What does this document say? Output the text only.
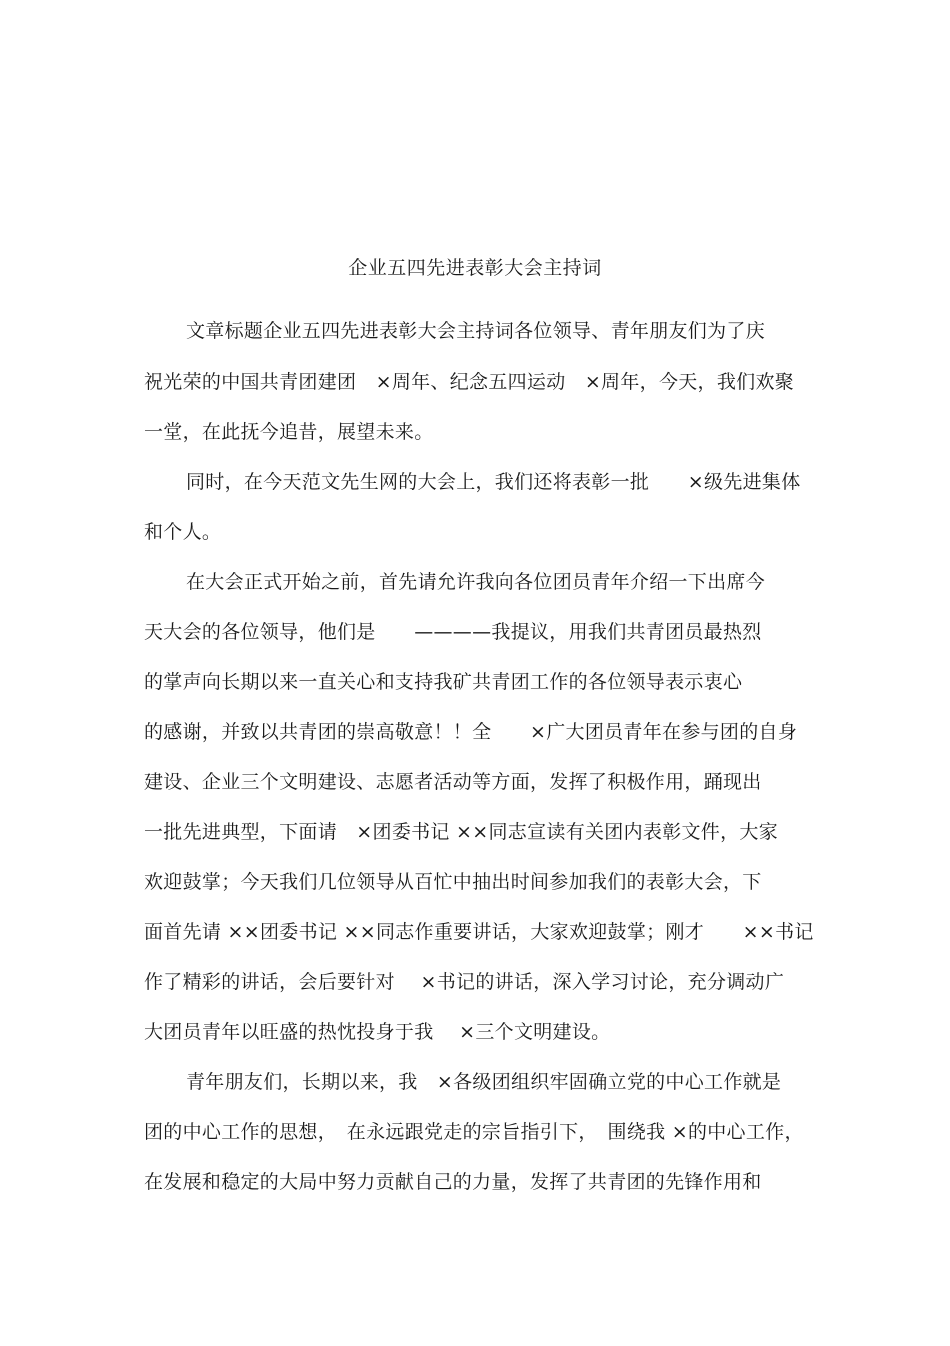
企业五四先进表彰大会主持词
文章标题企业五四先进表彰大会主持词各位领导、青年朋友们为了庆
祝光荣的中国共青团建团　×周年、纪念五四运动　×周年，今天，我们欢聚
一堂，在此抚今追昔，展望未来。
同时，在今天范文先生网的大会上，我们还将表彰一批　　×级先进集体
和个人。
在大会正式开始之前，首先请允许我向各位团员青年介绍一下出席今
天大会的各位领导，他们是　　————我提议，用我们共青团员最热烈
的掌声向长期以来一直关心和支持我矿共青团工作的各位领导表示衷心
的感谢，并致以共青团的崇高敬意！！全　　×广大团员青年在参与团的自身
建设、企业三个文明建设、志愿者活动等方面，发挥了积极作用，踊现出
一批先进典型，下面请　×团委书记 ××同志宣读有关团内表彰文件，大家
欢迎鼓掌；今天我们几位领导从百忙中抽出时间参加我们的表彰大会，下
面首先请 ××团委书记 ××同志作重要讲话，大家欢迎鼓掌；刚才　　××书记
作了精彩的讲话，会后要针对　 ×书记的讲话，深入学习讨论，充分调动广
大团员青年以旺盛的热忱投身于我　 ×三个文明建设。
青年朋友们，长期以来，我　×各级团组织牢固确立党的中心工作就是
团的中心工作的思想，　在永远跟党走的宗旨指引下，　围绕我 ×的中心工作，
在发展和稳定的大局中努力贡献自己的力量，发挥了共青团的先锋作用和
